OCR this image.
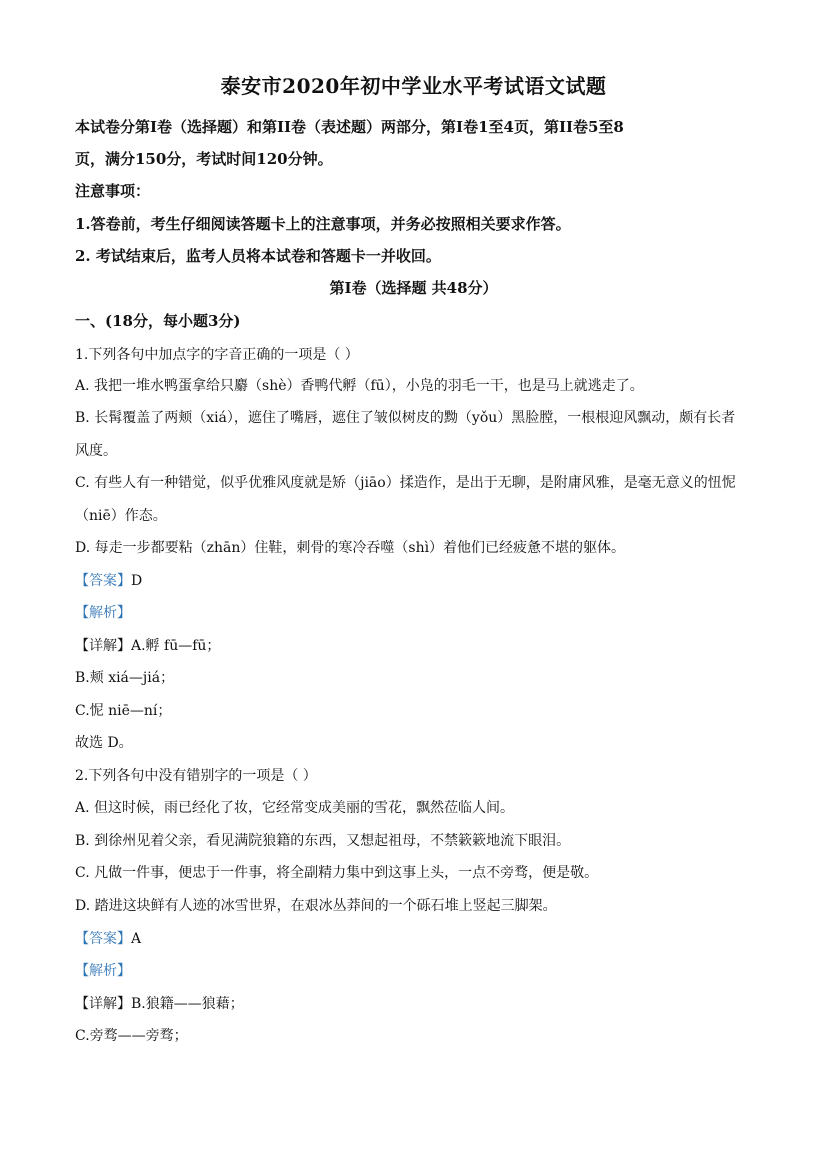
泰安市2020年初中学业水平考试语文试题
本试卷分第Ⅰ卷（选择题）和第II卷（表述题）两部分，第Ⅰ卷1至4页，第II卷5至8
页，满分150分，考试时间120分钟。
注意事项：
1.答卷前，考生仔细阅读答题卡上的注意事项，并务必按照相关要求作答。
2. 考试结束后，监考人员将本试卷和答题卡一并收回。
第Ⅰ卷（选择题 共48分）
一、(18分，每小题3分)
1.下列各句中加点字的字音正确的一项是（ ）
A. 我把一堆水鸭蛋拿给只麝（shè）香鸭代孵（fū），小凫的羽毛一干，也是马上就逃走了。
B. 长髯覆盖了两颊（xiá），遮住了嘴唇，遮住了皱似树皮的黝（yǒu）黑脸膛，一根根迎风飘动，颇有长者
风度。
C. 有些人有一种错觉，似乎优雅风度就是矫（jiāo）揉造作，是出于无聊，是附庸风雅，是毫无意义的忸怩
（niē）作态。
D. 每走一步都要粘（zhān）住鞋，刺骨的寒冷吞噬（shì）着他们已经疲惫不堪的躯体。
【答案】D
【解析】
【详解】A.孵 fū—fū；
B.颊 xiá—jiá；
C.怩 niē—ní；
故选 D。
2.下列各句中没有错别字的一项是（ ）
A. 但这时候，雨已经化了妆，它经常变成美丽的雪花，飘然莅临人间。
B. 到徐州见着父亲，看见满院狼籍的东西，又想起祖母，不禁簌簌地流下眼泪。
C. 凡做一件事，便忠于一件事，将全副精力集中到这事上头，一点不旁骛，便是敬。
D. 踏进这块鲜有人迹的冰雪世界，在艰冰丛莽间的一个砾石堆上竖起三脚架。
【答案】A
【解析】
【详解】B.狼籍——狼藉；
C.旁骛——旁骛；
